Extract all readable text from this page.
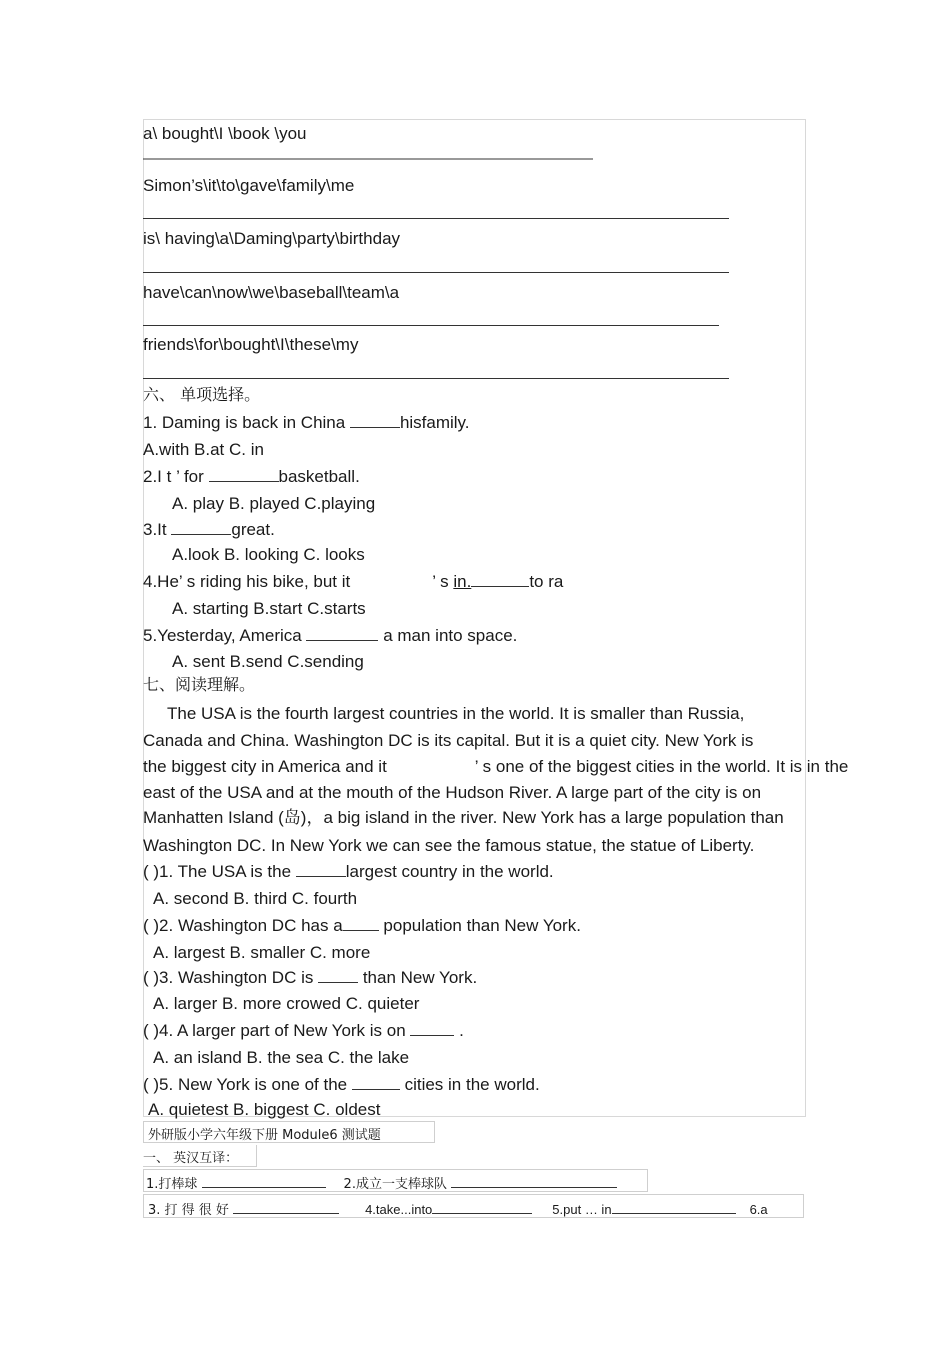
a\ bought\I \book \you
——————————————————————————————
Simon’s\it\to\gave\family\me
is\ having\a\Daming\party\birthday
have\can\now\we\baseball\team\a
friends\for\bought\I\these\my
六、 单项选择。
1. Daming is back in China	hisfamily.
A.with B.at C. in
2.I t ’ for	basketball.
A. play B. played C.playing
3.It	great.
A.look B. looking C. looks
4.He’ s riding his bike, but it	’ s in.	to ra
A. starting B.start C.starts
5.Yesterday, America	a man into space.
A. sent B.send C.sending
七、阅读理解。
The USA is the fourth largest countries in the world. It is smaller than Russia,
Canada and China. Washington DC is its capital. But it is a quiet city. New York is
the biggest city in America and it	’ s one of the biggest cities in the world. It is in the
east of the USA and at the mouth of the Hudson River. A large part of the city is on
Manhatten Island (岛)，a big island in the river. New York has a large population than
Washington DC. In New York we can see the famous statue, the statue of Liberty.
( )1. The USA is the	largest country in the world.
A. second B. third C. fourth
( )2. Washington DC has a population than New York.
A. largest B. smaller C. more
( )3. Washington DC is  than New York.
A. larger B. more crowed C. quieter
( )4. A larger part of New York is on	.
A. an island B. the sea C. the lake
( )5. New York is one of the	cities in the world.
A. quietest B. biggest C. oldest
外研版小学六年级下册 Module6 测试题
一、 英汉互译：
1.打棒球	2.成立一支棒球队
3. 打 得 很 好	4.take...into	5.put … in	6.a
